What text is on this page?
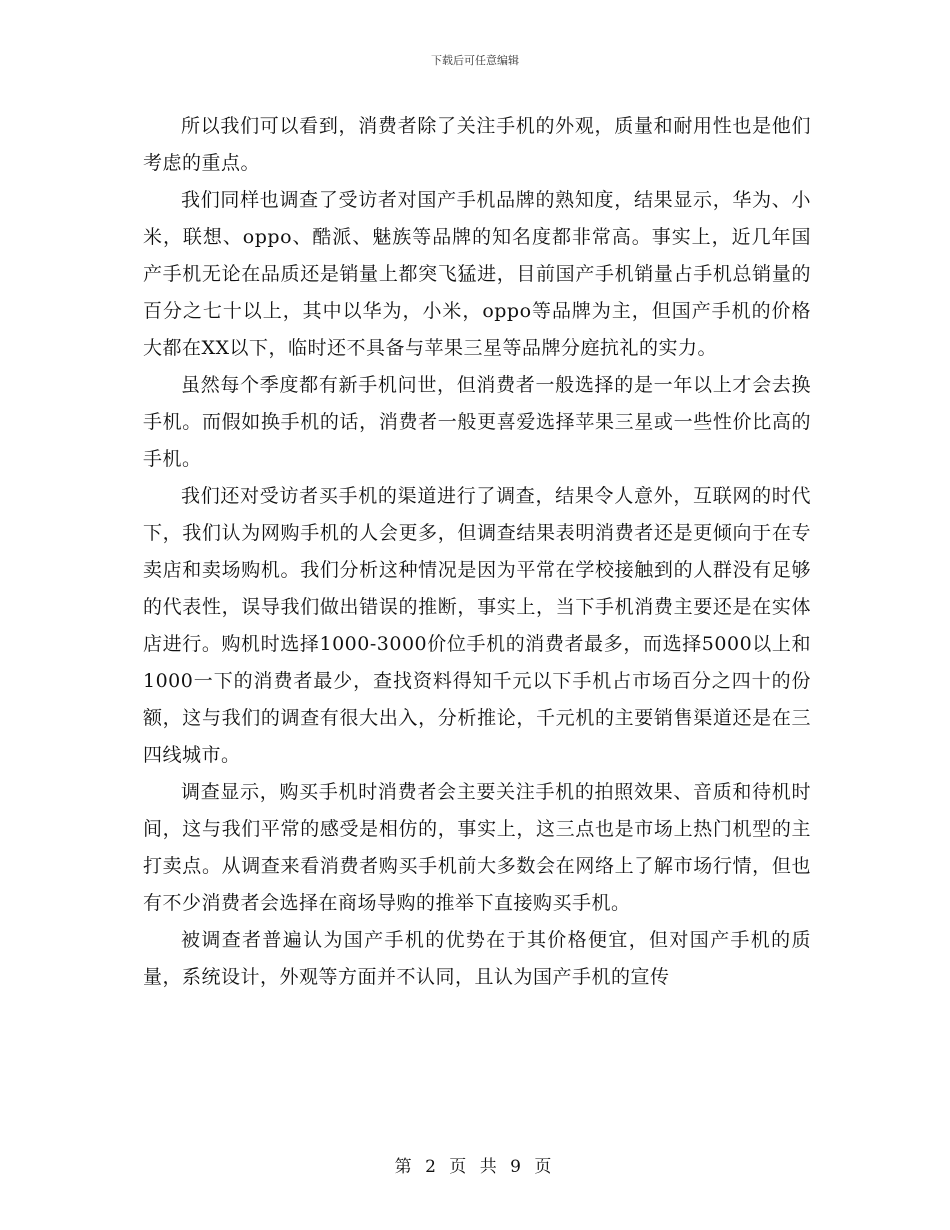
下载后可任意编辑

所以我们可以看到，消费者除了关注手机的外观，质量和耐用性也是他们考虑的重点。

我们同样也调查了受访者对国产手机品牌的熟知度，结果显示，华为、小米，联想、oppo、酷派、魅族等品牌的知名度都非常高。事实上，近几年国产手机无论在品质还是销量上都突飞猛进，目前国产手机销量占手机总销量的百分之七十以上，其中以华为，小米，oppo等品牌为主，但国产手机的价格大都在XX以下，临时还不具备与苹果三星等品牌分庭抗礼的实力。

虽然每个季度都有新手机问世，但消费者一般选择的是一年以上才会去换手机。而假如换手机的话，消费者一般更喜爱选择苹果三星或一些性价比高的手机。

我们还对受访者买手机的渠道进行了调查，结果令人意外，互联网的时代下，我们认为网购手机的人会更多，但调查结果表明消费者还是更倾向于在专卖店和卖场购机。我们分析这种情况是因为平常在学校接触到的人群没有足够的代表性，误导我们做出错误的推断，事实上，当下手机消费主要还是在实体店进行。购机时选择1000-3000价位手机的消费者最多，而选择5000以上和1000一下的消费者最少，查找资料得知千元以下手机占市场百分之四十的份额，这与我们的调查有很大出入，分析推论，千元机的主要销售渠道还是在三四线城市。

调查显示，购买手机时消费者会主要关注手机的拍照效果、音质和待机时间，这与我们平常的感受是相仿的，事实上，这三点也是市场上热门机型的主打卖点。从调查来看消费者购买手机前大多数会在网络上了解市场行情，但也有不少消费者会选择在商场导购的推举下直接购买手机。

被调查者普遍认为国产手机的优势在于其价格便宜，但对国产手机的质量，系统设计，外观等方面并不认同，且认为国产手机的宣传

第 2 页 共 9 页
